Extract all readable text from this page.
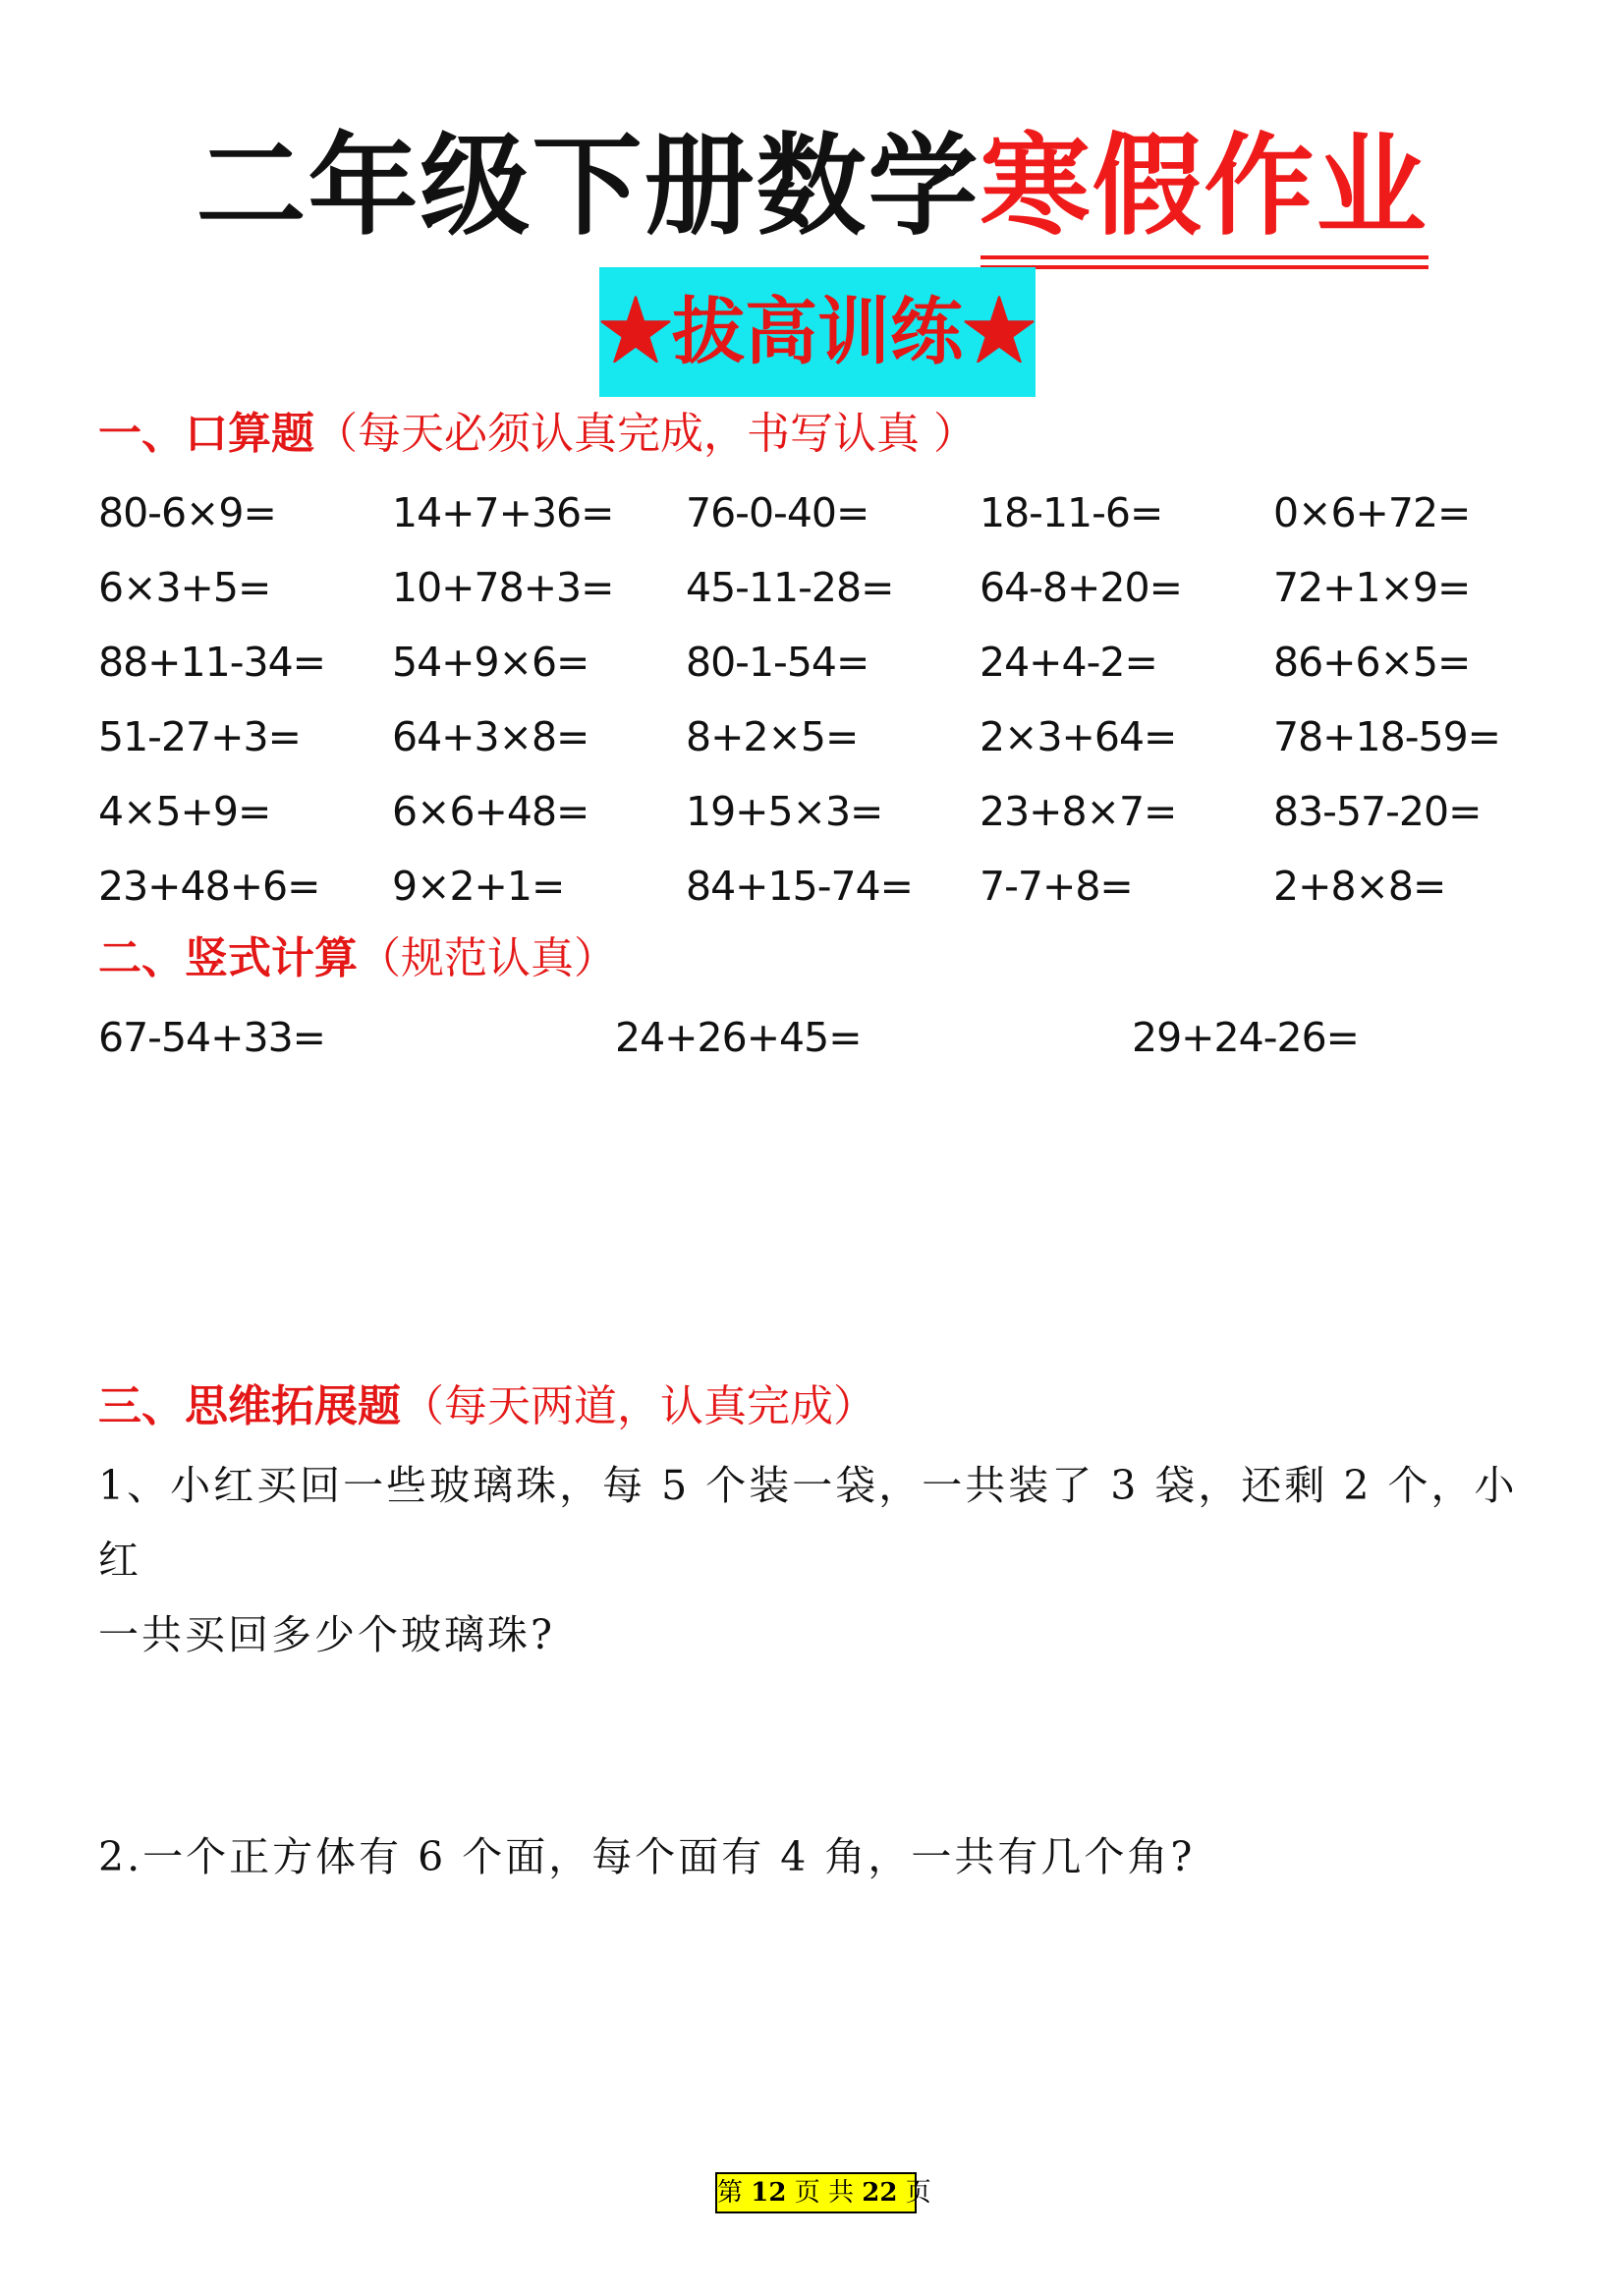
二年级下册数学寒假作业
★拔高训练★
一、口算题（每天必须认真完成，书写认真 ）
80-6×9=	14+7+36=	76-0-40=	18-11-6=	0×6+72=
6×3+5=	10+78+3=	45-11-28=	64-8+20=	72+1×9=
88+11-34=	54+9×6=	80-1-54=	24+4-2=	86+6×5=
51-27+3=	64+3×8=	8+2×5=	2×3+64=	78+18-59=
4×5+9=	6×6+48=	19+5×3=	23+8×7=	83-57-20=
23+48+6=	9×2+1=	84+15-74=	7-7+8=	2+8×8=
二、竖式计算（规范认真）
67-54+33=	24+26+45=	29+24-26=
三、思维拓展题（每天两道，认真完成）
1、小红买回一些玻璃珠，每 5 个装一袋，一共装了 3 袋，还剩 2 个，小红
一共买回多少个玻璃珠?
2.一个正方体有 6 个面，每个面有 4 角，一共有几个角?
第 12 页 共 22 页
